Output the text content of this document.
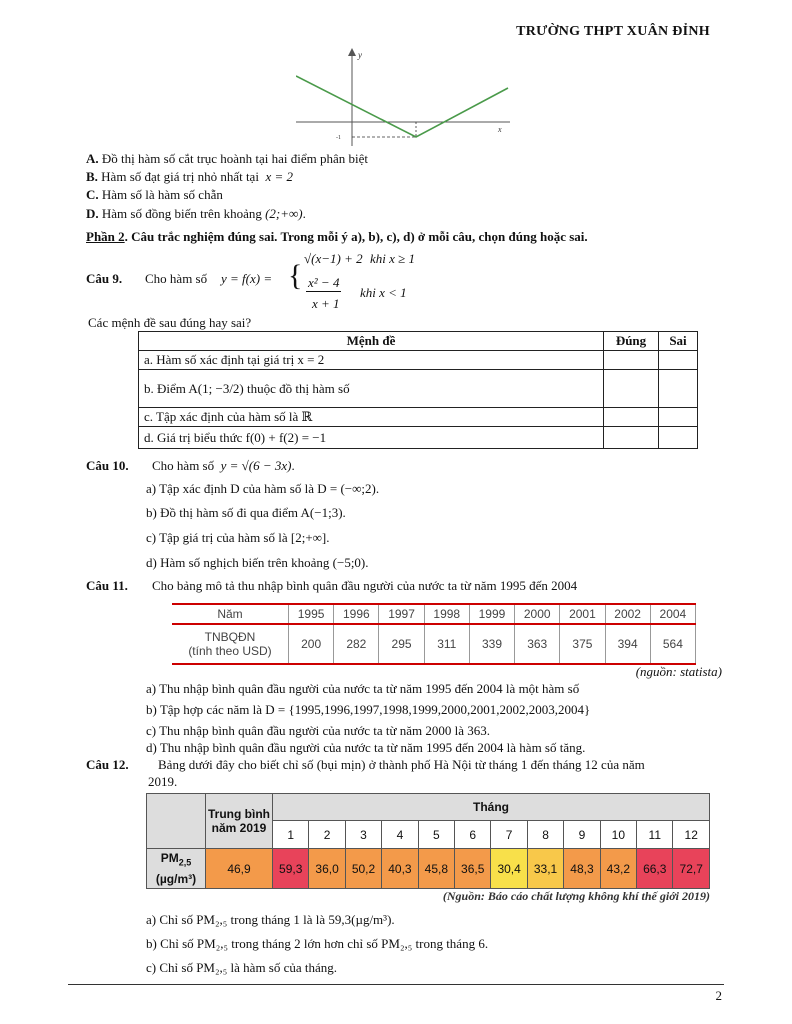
TRƯỜNG THPT XUÂN ĐỈNH
y
x
-1
A. Đồ thị hàm số cắt trục hoành tại hai điểm phân biệt
B. Hàm số đạt giá trị nhỏ nhất tại x = 2
C. Hàm số là hàm số chẵn
D. Hàm số đồng biến trên khoảng (2;+∞).
Phần 2. Câu trắc nghiệm đúng sai. Trong mỗi ý a), b), c), d) ở mỗi câu, chọn đúng hoặc sai.
Câu 9. Cho hàm số y = f(x) = {
√(x−1) + 2 khi x ≥ 1
x² − 4
x + 1
khi x < 1
Các mệnh đề sau đúng hay sai?
Mệnh đề	Đúng	Sai
a. Hàm số xác định tại giá trị x = 2		
b. Điểm A(1; −3/2) thuộc đồ thị hàm số		
c. Tập xác định của hàm số là ℝ		
d. Giá trị biểu thức f(0) + f(2) = −1		
Câu 10. Cho hàm số y = √(6 − 3x).
a) Tập xác định D của hàm số là D = (−∞;2).
b) Đồ thị hàm số đi qua điểm A(−1;3).
c) Tập giá trị của hàm số là [2;+∞].
d) Hàm số nghịch biến trên khoảng (−5;0).
Câu 11. Cho bảng mô tả thu nhập bình quân đầu người của nước ta từ năm 1995 đến 2004
Năm	1995	1996	1997	1998	1999	2000	2001	2002	2004
TNBQĐN
(tính theo USD)	200	282	295	311	339	363	375	394	564
(nguồn: statista)
a) Thu nhập bình quân đầu người của nước ta từ năm 1995 đến 2004 là một hàm số
b) Tập hợp các năm là D = {1995,1996,1997,1998,1999,2000,2001,2002,2003,2004}
c) Thu nhập bình quân đầu người của nước ta từ năm 2000 là 363.
d) Thu nhập bình quân đầu người của nước ta từ năm 1995 đến 2004 là hàm số tăng.
Câu 12. Bảng dưới đây cho biết chỉ số (bụi mịn) ở thành phố Hà Nội từ tháng 1 đến tháng 12 của năm
2019.
	Trung bình năm 2019	Tháng											
		1	2	3	4	5	6	7	8	9	10	11	12
$PM_{2,5}$
(µg/m³)	46,9	59,3	36,0	50,2	40,3	45,8	36,5	30,4	33,1	48,3	43,2	66,3	72,7
(Nguồn: Báo cáo chất lượng không khí thế giới 2019)
a) Chỉ số PM₂,₅ trong tháng 1 là là 59,3(µg/m³).
b) Chỉ số PM₂,₅ trong tháng 2 lớn hơn chỉ số PM₂,₅ trong tháng 6.
c) Chỉ số PM₂,₅ là hàm số của tháng.
2
